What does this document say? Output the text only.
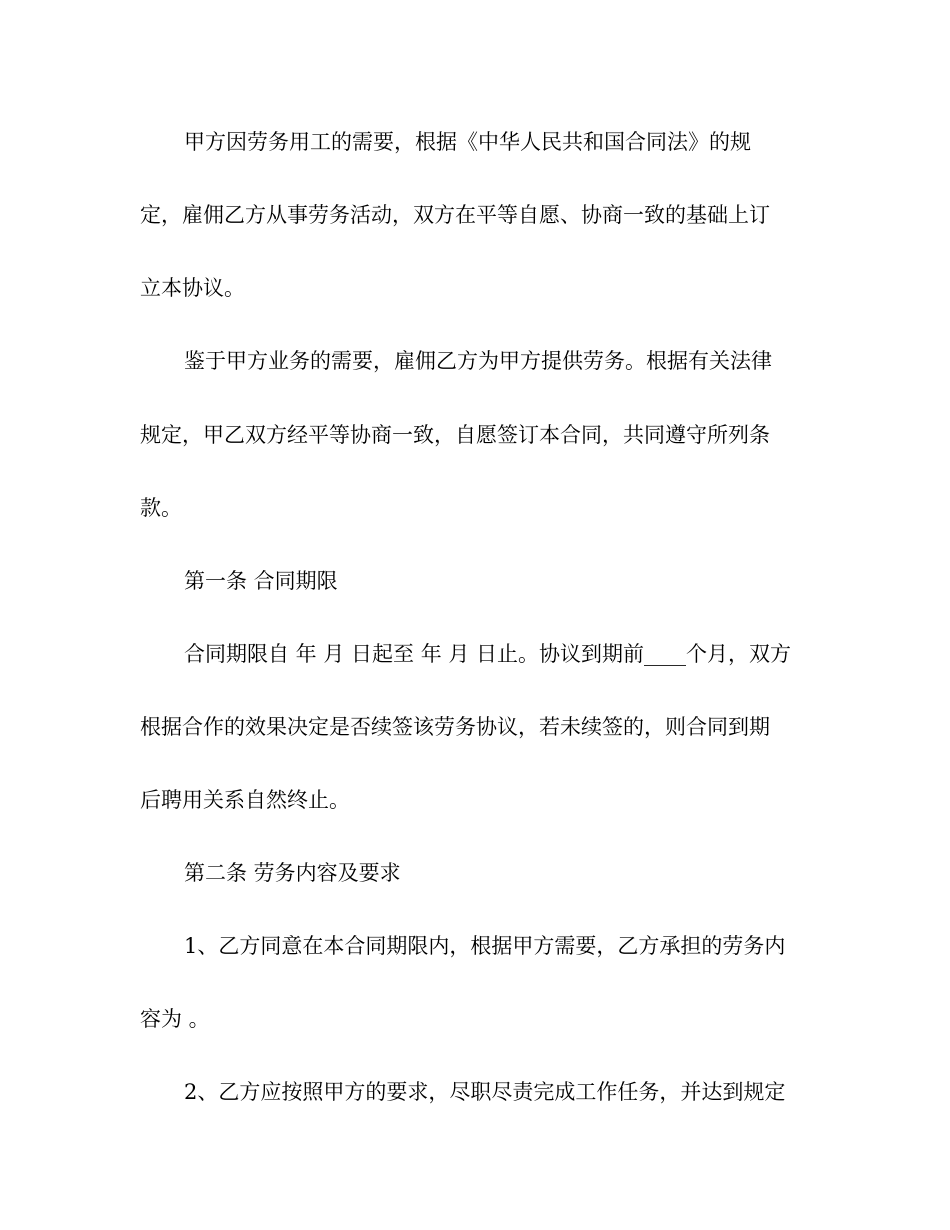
甲方因劳务用工的需要，根据《中华人民共和国合同法》的规
定，雇佣乙方从事劳务活动，双方在平等自愿、协商一致的基础上订
立本协议。
鉴于甲方业务的需要，雇佣乙方为甲方提供劳务。根据有关法律
规定，甲乙双方经平等协商一致，自愿签订本合同，共同遵守所列条
款。
第一条 合同期限
合同期限自 年 月 日起至 年 月 日止。协议到期前____个月，双方
根据合作的效果决定是否续签该劳务协议，若未续签的，则合同到期
后聘用关系自然终止。
第二条 劳务内容及要求
1、乙方同意在本合同期限内，根据甲方需要，乙方承担的劳务内
容为 。
2、乙方应按照甲方的要求，尽职尽责完成工作任务，并达到规定
